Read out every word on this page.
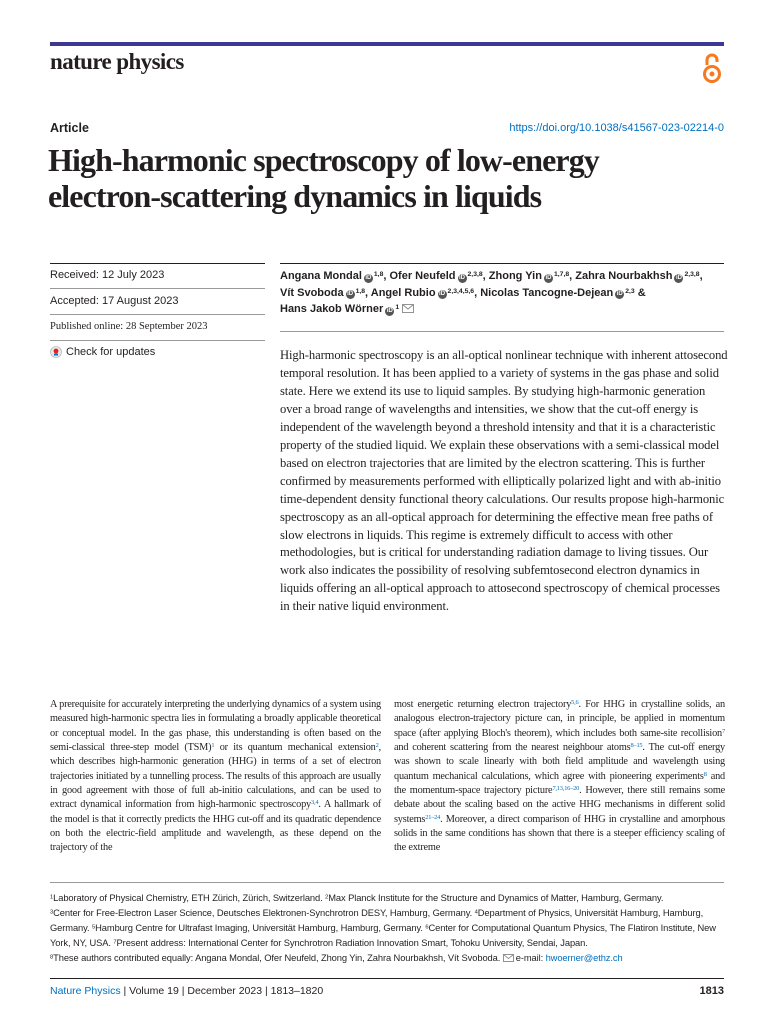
nature physics
Article	https://doi.org/10.1038/s41567-023-02214-0
High-harmonic spectroscopy of low-energy
electron-scattering dynamics in liquids
Received: 12 July 2023
Accepted: 17 August 2023
Published online: 28 September 2023
Check for updates
Angana Mondal iD $^{1,8}$, Ofer Neufeld iD $^{2,3,8}$, Zhong Yin iD $^{1,7,8}$, Zahra Nourbakhsh iD $^{2,3,8}$,
Vít Svoboda iD $^{1,8}$, Angel Rubio iD $^{2,3,4,5,6}$, Nicolas Tancogne-Dejean iD $^{2,3}$ &
Hans Jakob Wörner iD $^1$
High-harmonic spectroscopy is an all-optical nonlinear technique with inherent attosecond temporal resolution. It has been applied to a variety of systems in the gas phase and solid state. Here we extend its use to liquid samples. By studying high-harmonic generation over a broad range of wavelengths and intensities, we show that the cut-off energy is independent of the wavelength beyond a threshold intensity and that it is a characteristic property of the studied liquid. We explain these observations with a semi-classical model based on electron trajectories that are limited by the electron scattering. This is further confirmed by measurements performed with elliptically polarized light and with ab-initio time-dependent density functional theory calculations. Our results propose high-harmonic spectroscopy as an all-optical approach for determining the effective mean free paths of slow electrons in liquids. This regime is extremely difficult to access with other methodologies, but is critical for understanding radiation damage to living tissues. Our work also indicates the possibility of resolving subfemtosecond electron dynamics in liquids offering an all-optical approach to attosecond spectroscopy of chemical processes in their native liquid environment.

A prerequisite for accurately interpreting the underlying dynamics of a system using measured high-harmonic spectra lies in formulating a broadly applicable theoretical or conceptual model. In the gas phase, this understanding is often based on the semi-classical three-step model (TSM)$^1$ or its quantum mechanical extension$^2$, which describes high-harmonic generation (HHG) in terms of a set of electron trajectories initiated by a tunnelling process. The results of this approach are usually in good agreement with those of full ab-initio calculations, and can be used to extract dynamical information from high-harmonic spectroscopy$^{3,4}$. A hallmark of the model is that it correctly predicts the HHG cut-off and its quadratic dependence on both the electric-field amplitude and wavelength, as these depend on the trajectory of the

most energetic returning electron trajectory$^{5,6}$. For HHG in crystalline solids, an analogous electron-trajectory picture can, in principle, be applied in momentum space (after applying Bloch's theorem), which includes both same-site recollision$^7$ and coherent scattering from the nearest neighbour atoms$^{8-15}$. The cut-off energy was shown to scale linearly with both field amplitude and wavelength using quantum mechanical calculations, which agree with pioneering experiments$^8$ and the momentum-space trajectory picture$^{7,13,16-20}$. However, there still remains some debate about the scaling based on the active HHG mechanisms in different solid systems$^{21-24}$. Moreover, a direct comparison of HHG in crystalline and amorphous solids in the same conditions has shown that there is a steeper efficiency scaling of the extreme

$^1$Laboratory of Physical Chemistry, ETH Zürich, Zürich, Switzerland. $^2$Max Planck Institute for the Structure and Dynamics of Matter, Hamburg, Germany.
$^3$Center for Free-Electron Laser Science, Deutsches Elektronen-Synchrotron DESY, Hamburg, Germany. $^4$Department of Physics, Universität Hamburg, Hamburg, Germany. $^5$Hamburg Centre for Ultrafast Imaging, Universität Hamburg, Hamburg, Germany. $^6$Center for Computational Quantum Physics, The Flatiron Institute, New York, NY, USA. $^7$Present address: International Center for Synchrotron Radiation Innovation Smart, Tohoku University, Sendai, Japan.
$^8$These authors contributed equally: Angana Mondal, Ofer Neufeld, Zhong Yin, Zahra Nourbakhsh, Vít Svoboda. e-mail: hwoerner@ethz.ch
Nature Physics | Volume 19 | December 2023 | 1813–1820	1813
